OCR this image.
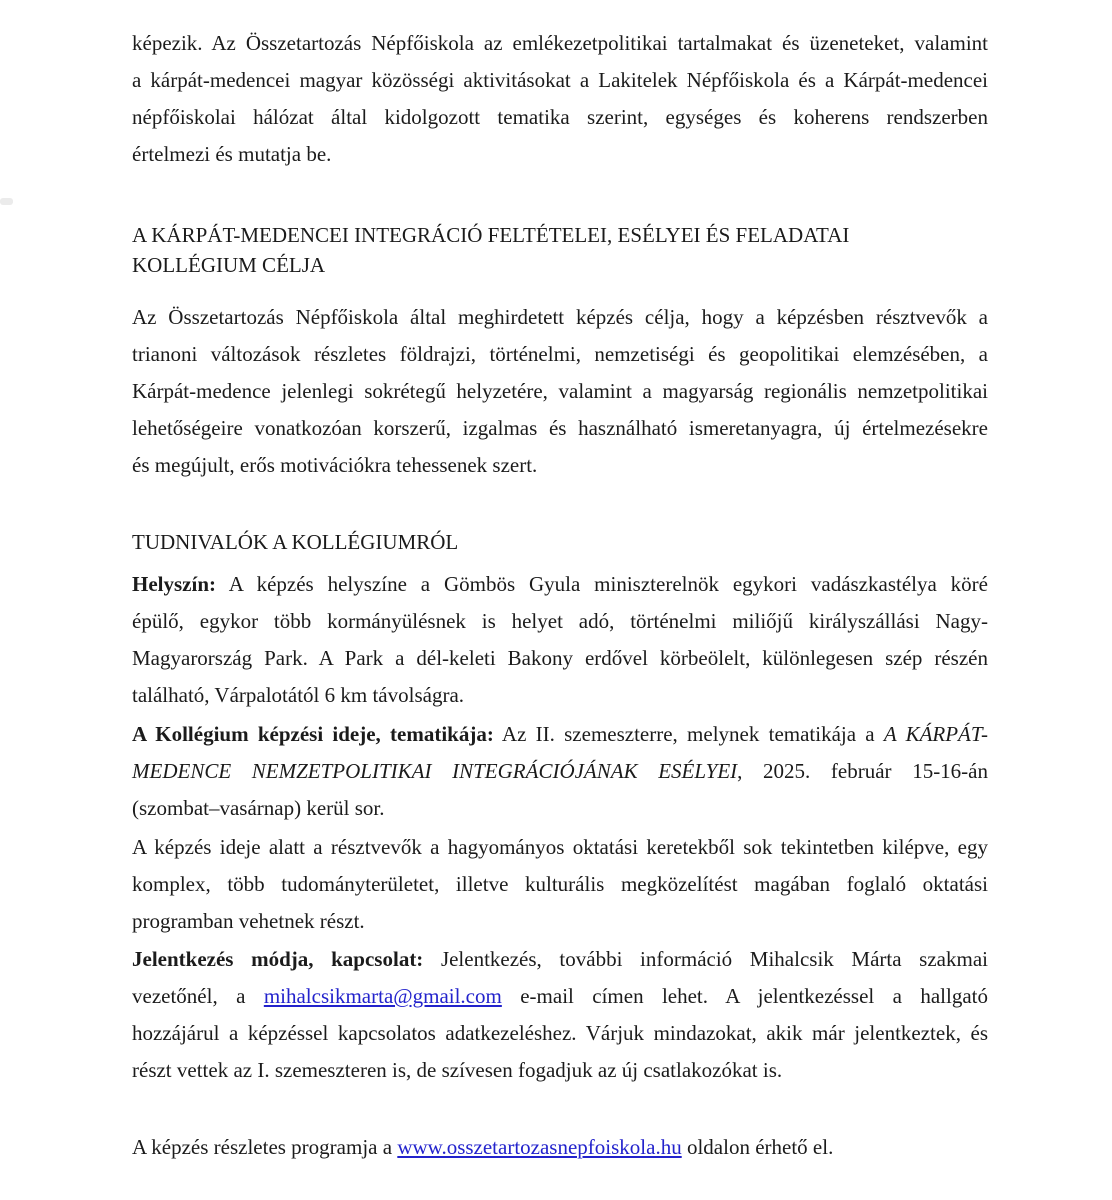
képezik. Az Összetartozás Népfőiskola az emlékezetpolitikai tartalmakat és üzeneteket, valamint
a kárpát-medencei magyar közösségi aktivitásokat a Lakitelek Népfőiskola és a Kárpát-medencei
népfőiskolai hálózat által kidolgozott tematika szerint, egységes és koherens rendszerben
értelmezi és mutatja be.
A KÁRPÁT-MEDENCEI INTEGRÁCIÓ FELTÉTELEI, ESÉLYEI ÉS FELADATAI
KOLLÉGIUM CÉLJA
Az Összetartozás Népfőiskola által meghirdetett képzés célja, hogy a képzésben résztvevők a
trianoni változások részletes földrajzi, történelmi, nemzetiségi és geopolitikai elemzésében, a
Kárpát-medence jelenlegi sokrétegű helyzetére, valamint a magyarság regionális nemzetpolitikai
lehetőségeire vonatkozóan korszerű, izgalmas és használható ismeretanyagra, új értelmezésekre
és megújult, erős motivációkra tehessenek szert.
TUDNIVALÓK A KOLLÉGIUMRÓL
Helyszín: A képzés helyszíne a Gömbös Gyula miniszterelnök egykori vadászkastélya köré
épülő, egykor több kormányülésnek is helyet adó, történelmi miliőjű királyszállási Nagy-
Magyarország Park. A Park a dél-keleti Bakony erdővel körbeölelt, különlegesen szép részén
található, Várpalotától 6 km távolságra.
A Kollégium képzési ideje, tematikája: Az II. szemeszterre, melynek tematikája a A KÁRPÁT-
MEDENCE NEMZETPOLITIKAI INTEGRÁCIÓJÁNAK ESÉLYEI, 2025. február 15-16-án
(szombat–vasárnap) kerül sor.
A képzés ideje alatt a résztvevők a hagyományos oktatási keretekből sok tekintetben kilépve, egy
komplex, több tudományterületet, illetve kulturális megközelítést magában foglaló oktatási
programban vehetnek részt.
Jelentkezés módja, kapcsolat: Jelentkezés, további információ Mihalcsik Márta szakmai
vezetőnél, a mihalcsikmarta@gmail.com e-mail címen lehet. A jelentkezéssel a hallgató
hozzájárul a képzéssel kapcsolatos adatkezeléshez. Várjuk mindazokat, akik már jelentkeztek, és
részt vettek az I. szemeszteren is, de szívesen fogadjuk az új csatlakozókat is.
A képzés részletes programja a www.osszetartozasnepfoiskola.hu oldalon érhető el.
